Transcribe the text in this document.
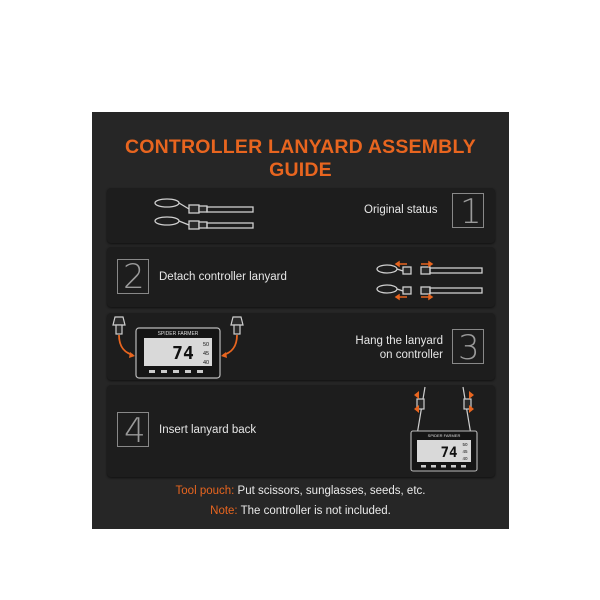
CONTROLLER LANYARD ASSEMBLY GUIDE
Original status 1
2 Detach controller lanyard
SPIDER FARMER
74 50
45
40
Hang the lanyard
on controller 3
4 Insert lanyard back	SPIDER FARMER
74
50
45
40
Tool pouch: Put scissors, sunglasses, seeds, etc.
Note: The controller is not included.
